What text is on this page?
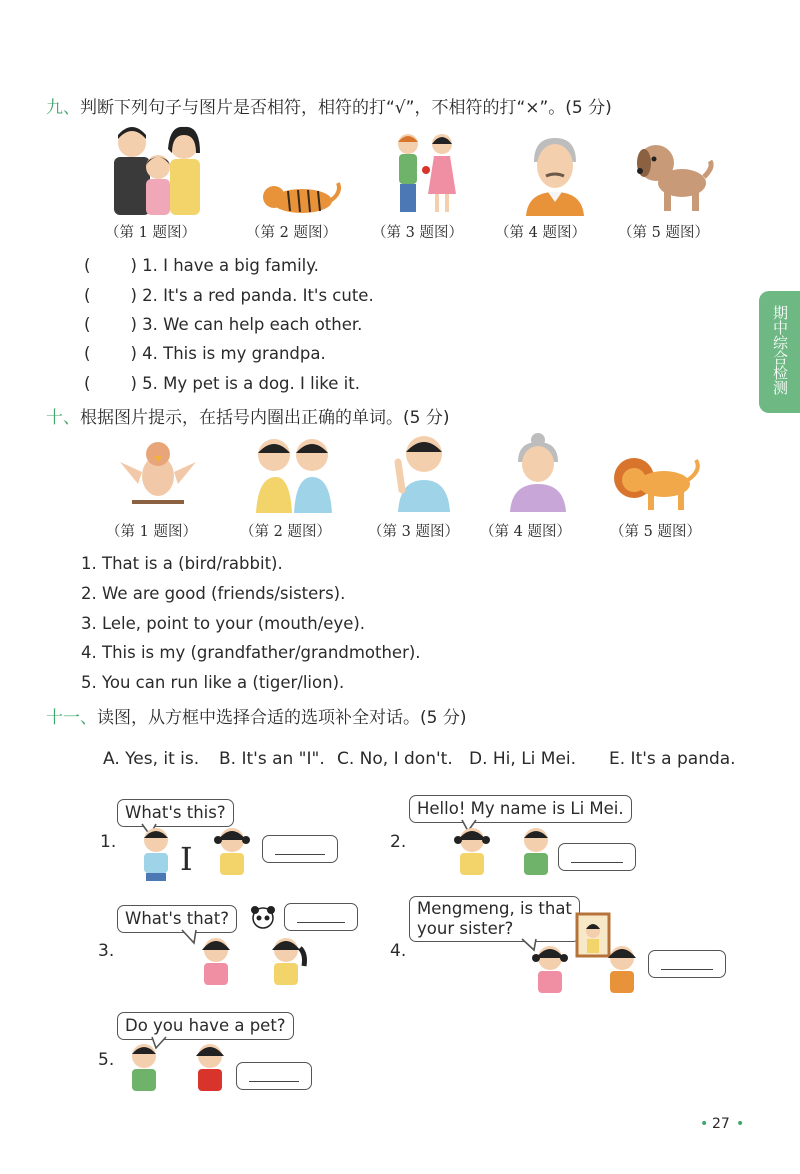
期中综合检测
九、判断下列句子与图片是否相符，相符的打“√”，不相符的打“×”。(5 分)
（第 1 题图）	（第 2 题图） （第 3 题图） （第 4 题图） （第 5 题图）
( ) 1. I have a big family.
( ) 2. It's a red panda. It's cute.
( ) 3. We can help each other.
( ) 4. This is my grandpa.
( ) 5. My pet is a dog. I like it.
十、根据图片提示，在括号内圈出正确的单词。(5 分)
（第 1 题图）	（第 2 题图）	（第 3 题图） （第 4 题图）	（第 5 题图）
1. That is a (bird/rabbit).
2. We are good (friends/sisters).
3. Lele, point to your (mouth/eye).
4. This is my (grandfather/grandmother).
5. You can run like a (tiger/lion).
十一、读图，从方框中选择合适的选项补全对话。(5 分)
A. Yes, it is. B. It's an "I". C. No, I don't. D. Hi, Li Mei. E. It's a panda.
1.
What's this?
I	2.
Hello! My name is Li Mei.
3.
What's that?
4.
Mengmeng, is that
your sister?
5.
Do you have a pet?
• 27 •
